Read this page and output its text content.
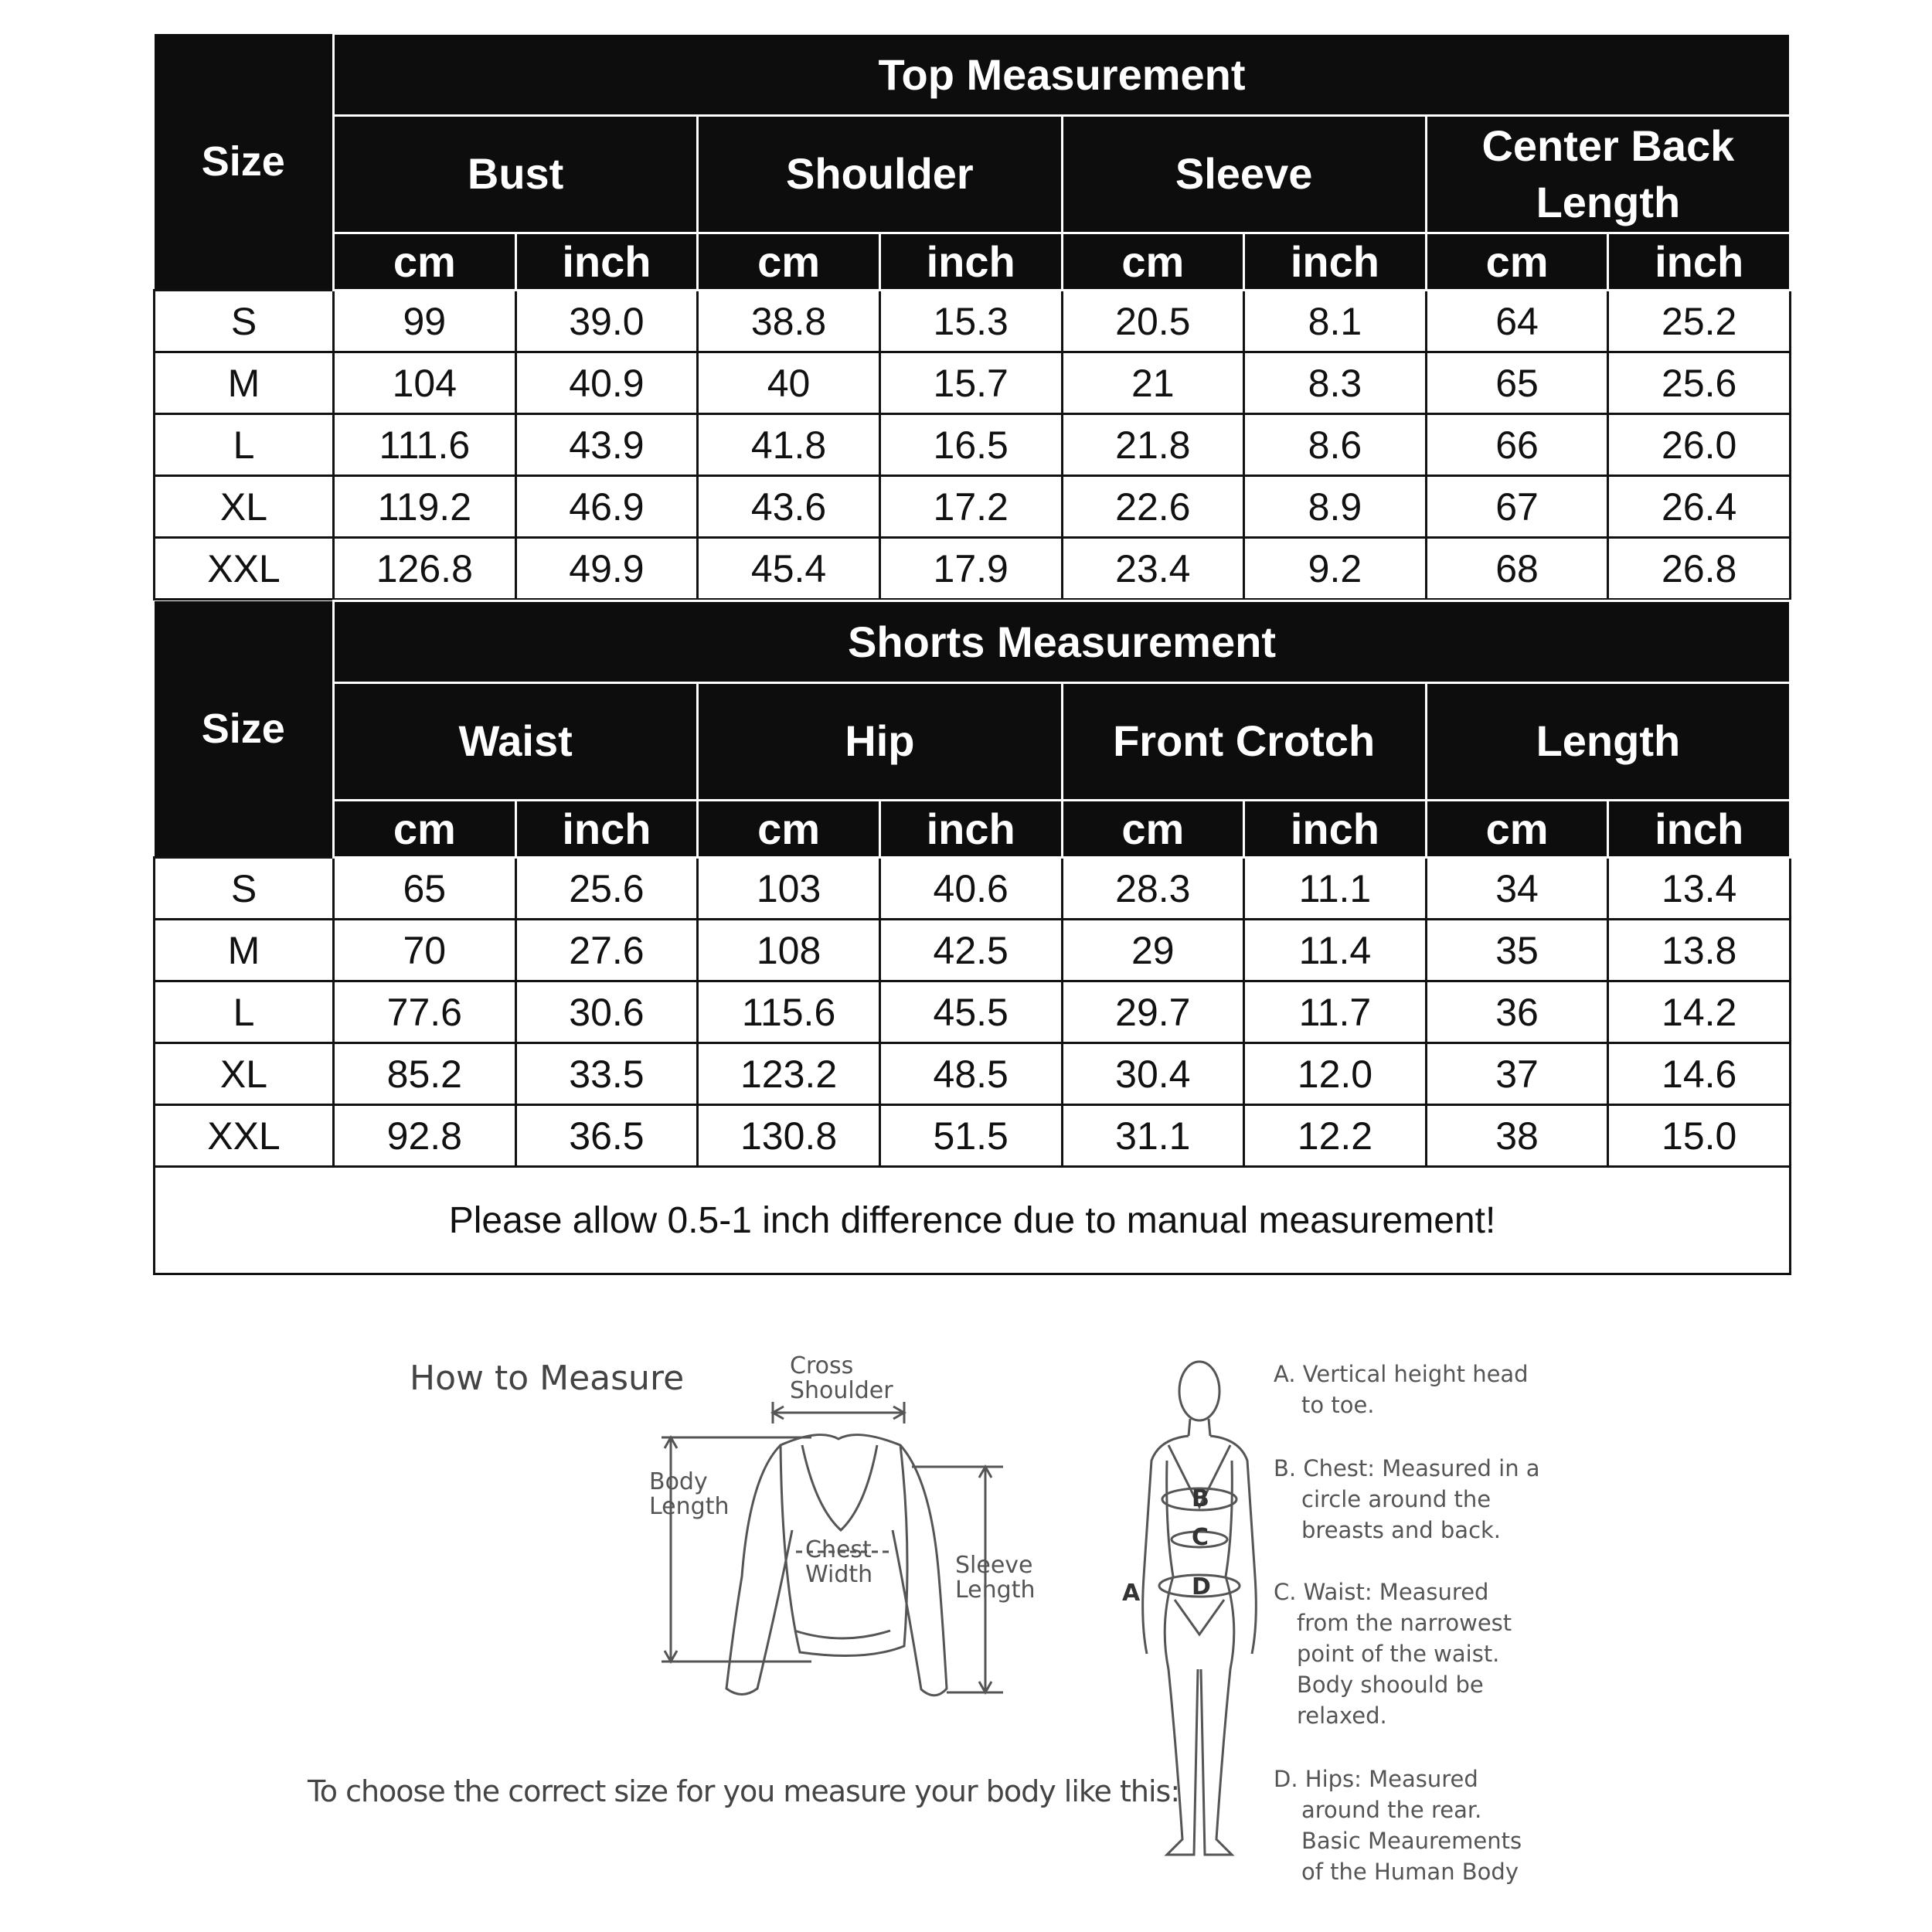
Size	Top Measurement							
	Bust		Shoulder		Sleeve		Center Back Length	
	cm	inch	cm	inch	cm	inch	cm	inch
S	99	39.0	38.8	15.3	20.5	8.1	64	25.2
M	104	40.9	40	15.7	21	8.3	65	25.6
L	111.6	43.9	41.8	16.5	21.8	8.6	66	26.0
XL	119.2	46.9	43.6	17.2	22.6	8.9	67	26.4
XXL	126.8	49.9	45.4	17.9	23.4	9.2	68	26.8
Size	Shorts Measurement							
	Waist		Hip		Front Crotch		Length	
	cm	inch	cm	inch	cm	inch	cm	inch
S	65	25.6	103	40.6	28.3	11.1	34	13.4
M	70	27.6	108	42.5	29	11.4	35	13.8
L	77.6	30.6	115.6	45.5	29.7	11.7	36	14.2
XL	85.2	33.5	123.2	48.5	30.4	12.0	37	14.6
XXL	92.8	36.5	130.8	51.5	31.1	12.2	38	15.0
Please allow 0.5-1 inch difference due to manual measurement!								
How to Measure
To choose the correct size for you measure your body like this:
Cross
Shoulder
Body
Length
Chest
Width	Sleeve
Length	A
B
C
D
A. Vertical height head
to toe.
B. Chest: Measured in a
circle around the
breasts and back.
C. Waist: Measured
from the narrowest
point of the waist.
Body shoould be
relaxed.
D. Hips: Measured
around the rear.
Basic Meaurements
of the Human Body
